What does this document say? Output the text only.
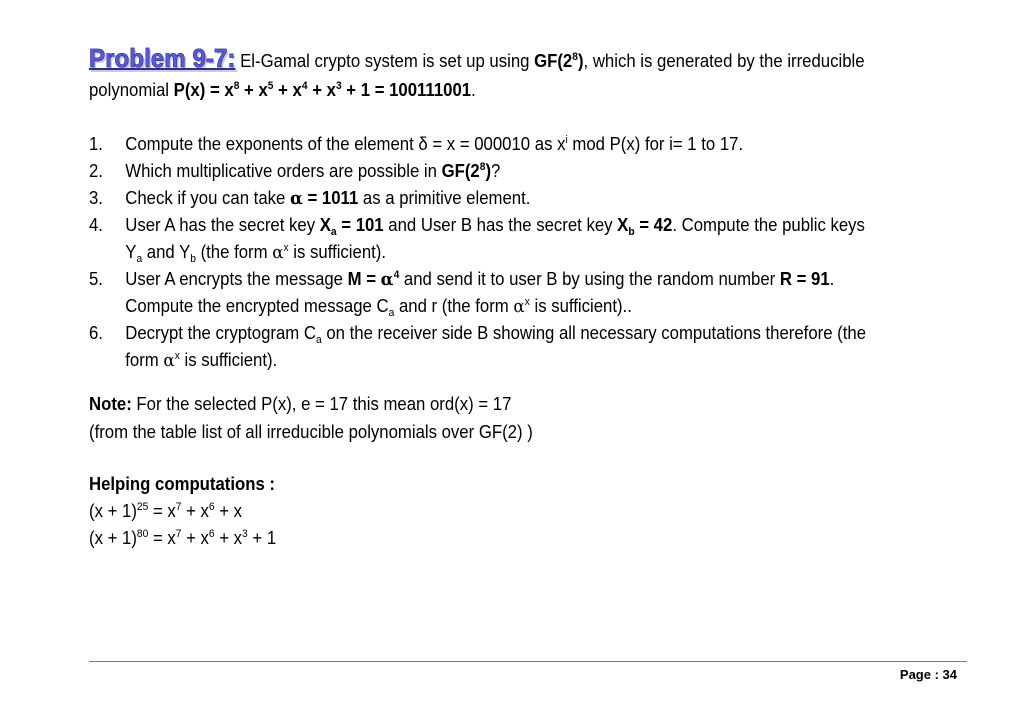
Problem 9-7: El-Gamal crypto system is set up using $GF(2^8)$, which is generated by the irreducible
polynomial $P(x) = x^8 + x^5 + x^4 + x^3 + 1 = 100111001$.
1. Compute the exponents of the element δ = x = 000010 as $x^i$ mod P(x) for i= 1 to 17.
2. Which multiplicative orders are possible in $GF(2^8)$?
3. Check if you can take α = 1011 as a primitive element.
4. User A has the secret key $X_a = 101$ and User B has the secret key $X_b = 42$. Compute the public keys
$Y_a$ and $Y_b$ (the form $\alpha^x$ is sufficient).
5. User A encrypts the message $M = \alpha^4$ and send it to user B by using the random number R = 91.
Compute the encrypted message $C_a$ and r (the form $\alpha^x$ is sufficient)..
6. Decrypt the cryptogram $C_a$ on the receiver side B showing all necessary computations therefore (the
form $\alpha^x$ is sufficient).
Note: For the selected P(x), e = 17 this mean ord(x) = 17
(from the table list of all irreducible polynomials over GF(2) )
Helping computations :
$(x + 1)^{25} = x^7 + x^6 + x$
$(x + 1)^{80} = x^7 + x^6 + x^3 + 1$
Page : 34
